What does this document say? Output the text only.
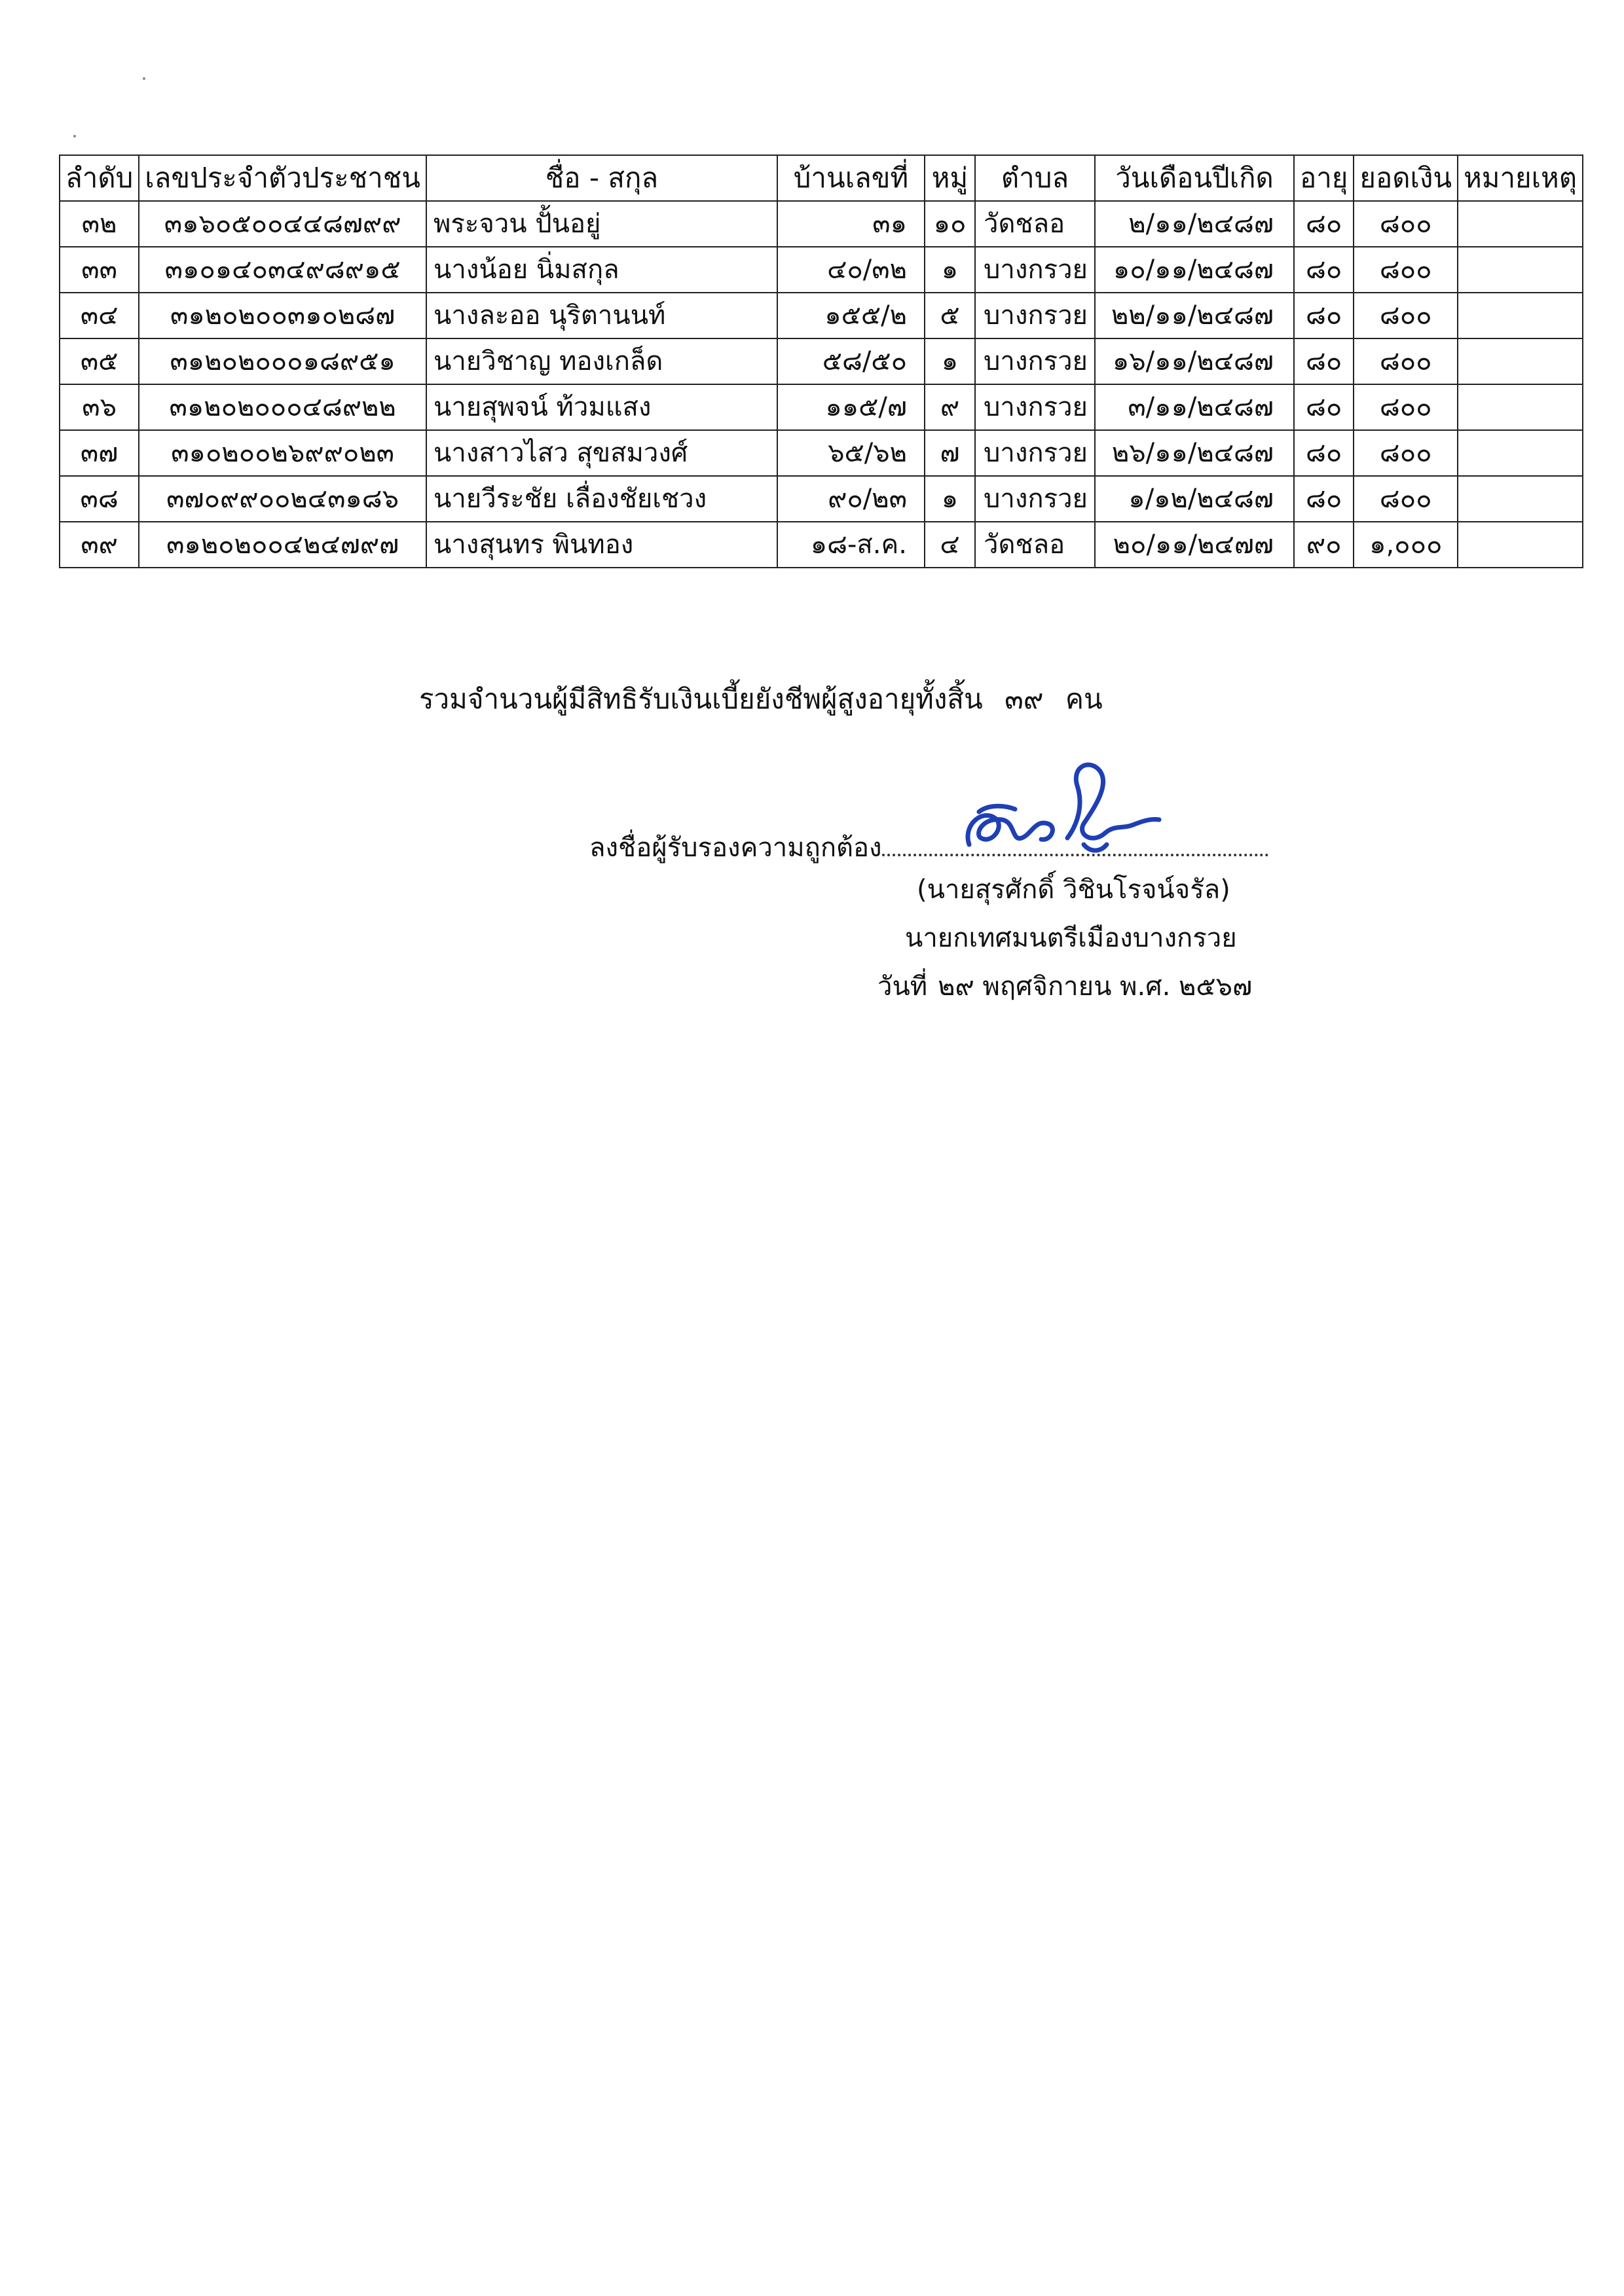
ลำดับ	เลขประจำตัวประชาชน	ชื่อ - สกุล	บ้านเลขที่	หมู่	ตำบล	วันเดือนปีเกิด	อายุ	ยอดเงิน	หมายเหตุ
๓๒	๓๑๖๐๕๐๐๔๔๘๗๙๙	พระจวน ปั้นอยู่	๓๑	๑๐	วัดชลอ	๒/๑๑/๒๔๘๗	๘๐	๘๐๐	
๓๓	๓๑๐๑๔๐๓๔๙๘๙๑๕	นางน้อย นิ่มสกุล	๔๐/๓๒	๑	บางกรวย	๑๐/๑๑/๒๔๘๗	๘๐	๘๐๐	
๓๔	๓๑๒๐๒๐๐๓๑๐๒๘๗	นางละออ นุริตานนท์	๑๕๕/๒	๕	บางกรวย	๒๒/๑๑/๒๔๘๗	๘๐	๘๐๐	
๓๕	๓๑๒๐๒๐๐๐๑๘๙๕๑	นายวิชาญ ทองเกล็ด	๕๘/๕๐	๑	บางกรวย	๑๖/๑๑/๒๔๘๗	๘๐	๘๐๐	
๓๖	๓๑๒๐๒๐๐๐๔๘๙๒๒	นายสุพจน์ ท้วมแสง	๑๑๕/๗	๙	บางกรวย	๓/๑๑/๒๔๘๗	๘๐	๘๐๐	
๓๗	๓๑๐๒๐๐๒๖๙๙๐๒๓	นางสาวไสว สุขสมวงศ์	๖๕/๖๒	๗	บางกรวย	๒๖/๑๑/๒๔๘๗	๘๐	๘๐๐	
๓๘	๓๗๐๙๙๐๐๒๔๓๑๘๖	นายวีระชัย เลื่องชัยเชวง	๙๐/๒๓	๑	บางกรวย	๑/๑๒/๒๔๘๗	๘๐	๘๐๐	
๓๙	๓๑๒๐๒๐๐๔๒๔๗๙๗	นางสุนทร พินทอง	๑๘-ส.ค.	๔	วัดชลอ	๒๐/๑๑/๒๔๗๗	๙๐	๑,๐๐๐	
รวมจำนวนผู้มีสิทธิรับเงินเบี้ยยังชีพผู้สูงอายุทั้งสิ้น ๓๙ คน
ลงชื่อผู้รับรองความถูกต้อง
(นายสุรศักดิ์ วิชินโรจน์จรัล)
นายกเทศมนตรีเมืองบางกรวย
วันที่ ๒๙ พฤศจิกายน พ.ศ. ๒๕๖๗
